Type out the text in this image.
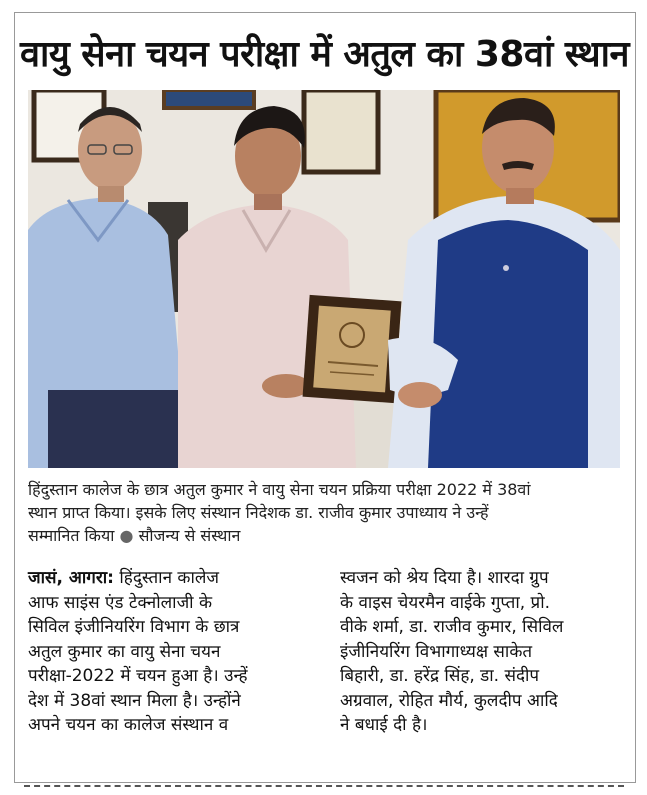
वायु सेना चयन परीक्षा में अतुल का 38वां स्थान
हिंदुस्तान कालेज के छात्र अतुल कुमार ने वायु सेना चयन प्रक्रिया परीक्षा 2022 में 38वां
स्थान प्राप्त किया। इसके लिए संस्थान निदेशक डा. राजीव कुमार उपाध्याय ने उन्हें
सम्मानित किया ● सौजन्य से संस्थान
जासं, आगरा: हिंदुस्तान कालेज
आफ साइंस एंड टेक्नोलाजी के
सिविल इंजीनियरिंग विभाग के छात्र
अतुल कुमार का वायु सेना चयन
परीक्षा-2022 में चयन हुआ है। उन्हें
देश में 38वां स्थान मिला है। उन्होंने
अपने चयन का कालेज संस्थान व
स्वजन को श्रेय दिया है। शारदा ग्रुप
के वाइस चेयरमैन वाईके गुप्ता, प्रो.
वीके शर्मा, डा. राजीव कुमार, सिविल
इंजीनियरिंग विभागाध्यक्ष साकेत
बिहारी, डा. हरेंद्र सिंह, डा. संदीप
अग्रवाल, रोहित मौर्य, कुलदीप आदि
ने बधाई दी है।
